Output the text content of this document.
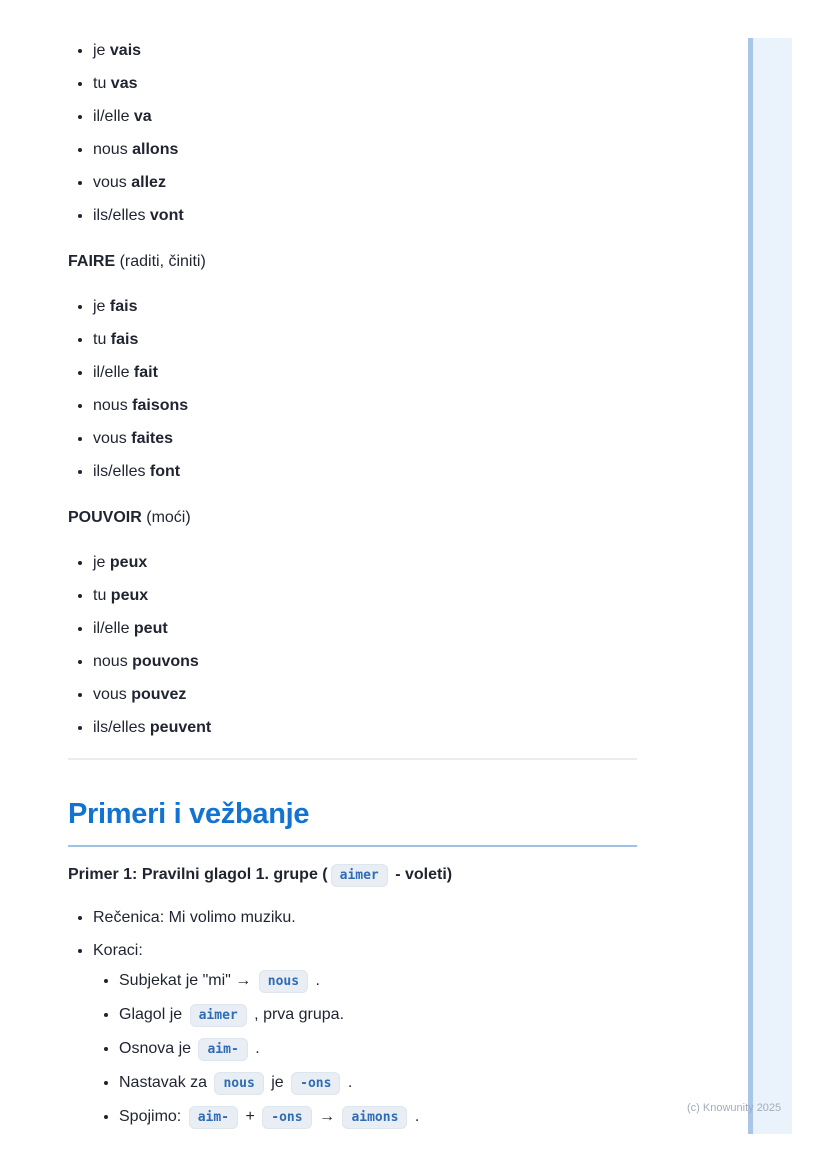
• je vais
• tu vas
• il/elle va
• nous allons
• vous allez
• ils/elles vont

FAIRE (raditi, činiti)

• je fais
• tu fais
• il/elle fait
• nous faisons
• vous faites
• ils/elles font

POUVOIR (moći)

• je peux
• tu peux
• il/elle peut
• nous pouvons
• vous pouvez
• ils/elles peuvent
Primeri i vežbanje

Primer 1: Pravilni glagol 1. grupe ( aimer - voleti)

• Rečenica: Mi volimo muziku.
• Koraci:
• Subjekat je "mi" → nous .
• Glagol je aimer , prva grupa.
• Osnova je aim- .
• Nastavak za nous je -ons .
• Spojimo: aim- + -ons → aimons .	(c) Knowunity 2025
